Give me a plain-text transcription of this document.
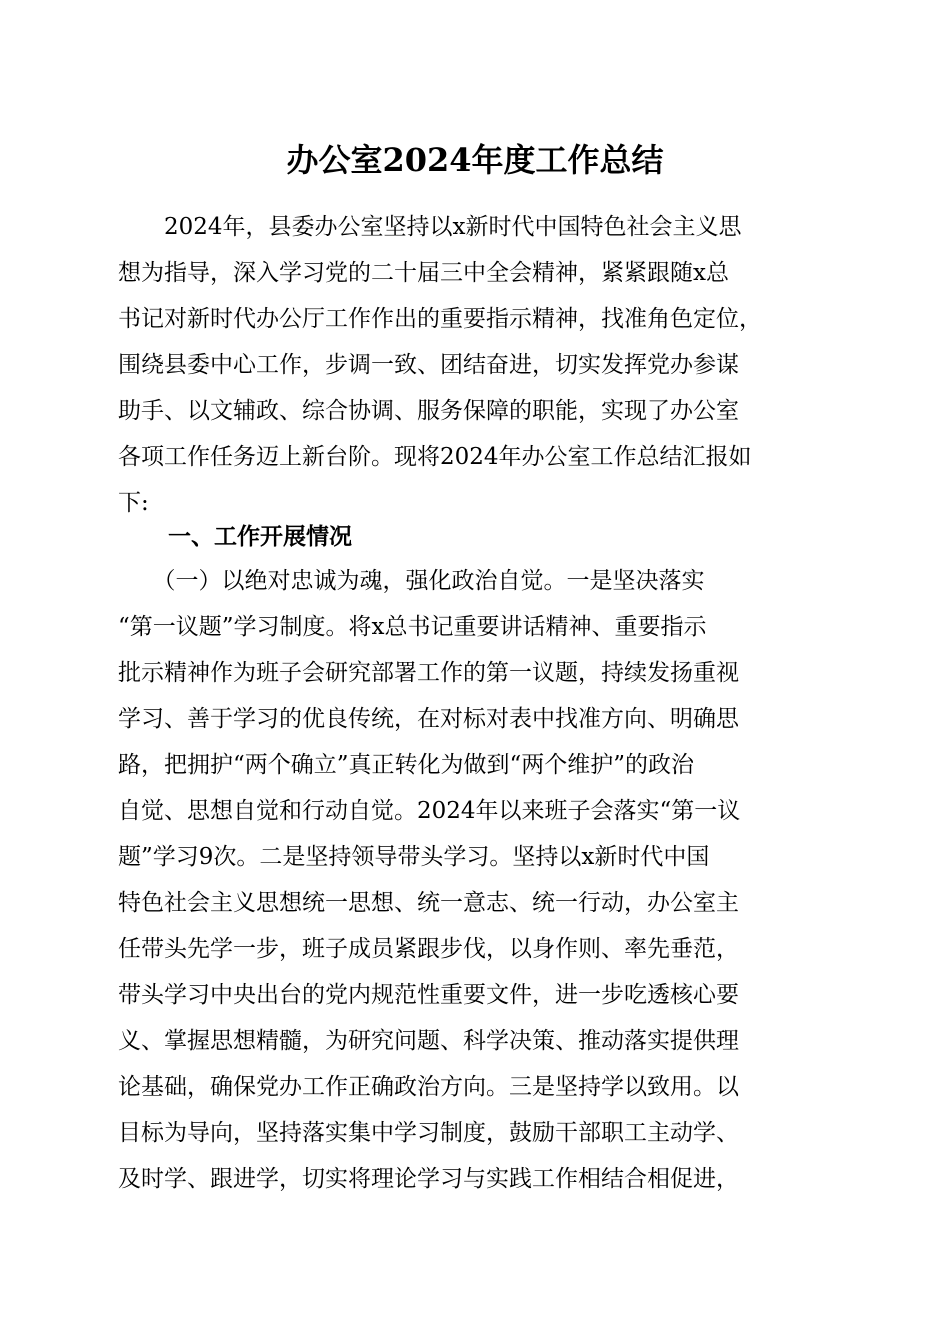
办公室2024年度工作总结
　　2024年，县委办公室坚持以x新时代中国特色社会主义思
想为指导，深入学习党的二十届三中全会精神，紧紧跟随x总
书记对新时代办公厅工作作出的重要指示精神，找准角色定位，
围绕县委中心工作，步调一致、团结奋进，切实发挥党办参谋
助手、以文辅政、综合协调、服务保障的职能，实现了办公室
各项工作任务迈上新台阶。现将2024年办公室工作总结汇报如
下:
一、工作开展情况
　　（一）以绝对忠诚为魂，强化政治自觉。一是坚决落实
“第一议题”学习制度。将x总书记重要讲话精神、重要指示
批示精神作为班子会研究部署工作的第一议题，持续发扬重视
学习、善于学习的优良传统，在对标对表中找准方向、明确思
路，把拥护“两个确立”真正转化为做到“两个维护”的政治
自觉、思想自觉和行动自觉。2024年以来班子会落实“第一议
题”学习9次。二是坚持领导带头学习。坚持以x新时代中国
特色社会主义思想统一思想、统一意志、统一行动，办公室主
任带头先学一步，班子成员紧跟步伐，以身作则、率先垂范，
带头学习中央出台的党内规范性重要文件，进一步吃透核心要
义、掌握思想精髓，为研究问题、科学决策、推动落实提供理
论基础，确保党办工作正确政治方向。三是坚持学以致用。以
目标为导向，坚持落实集中学习制度，鼓励干部职工主动学、
及时学、跟进学，切实将理论学习与实践工作相结合相促进，
